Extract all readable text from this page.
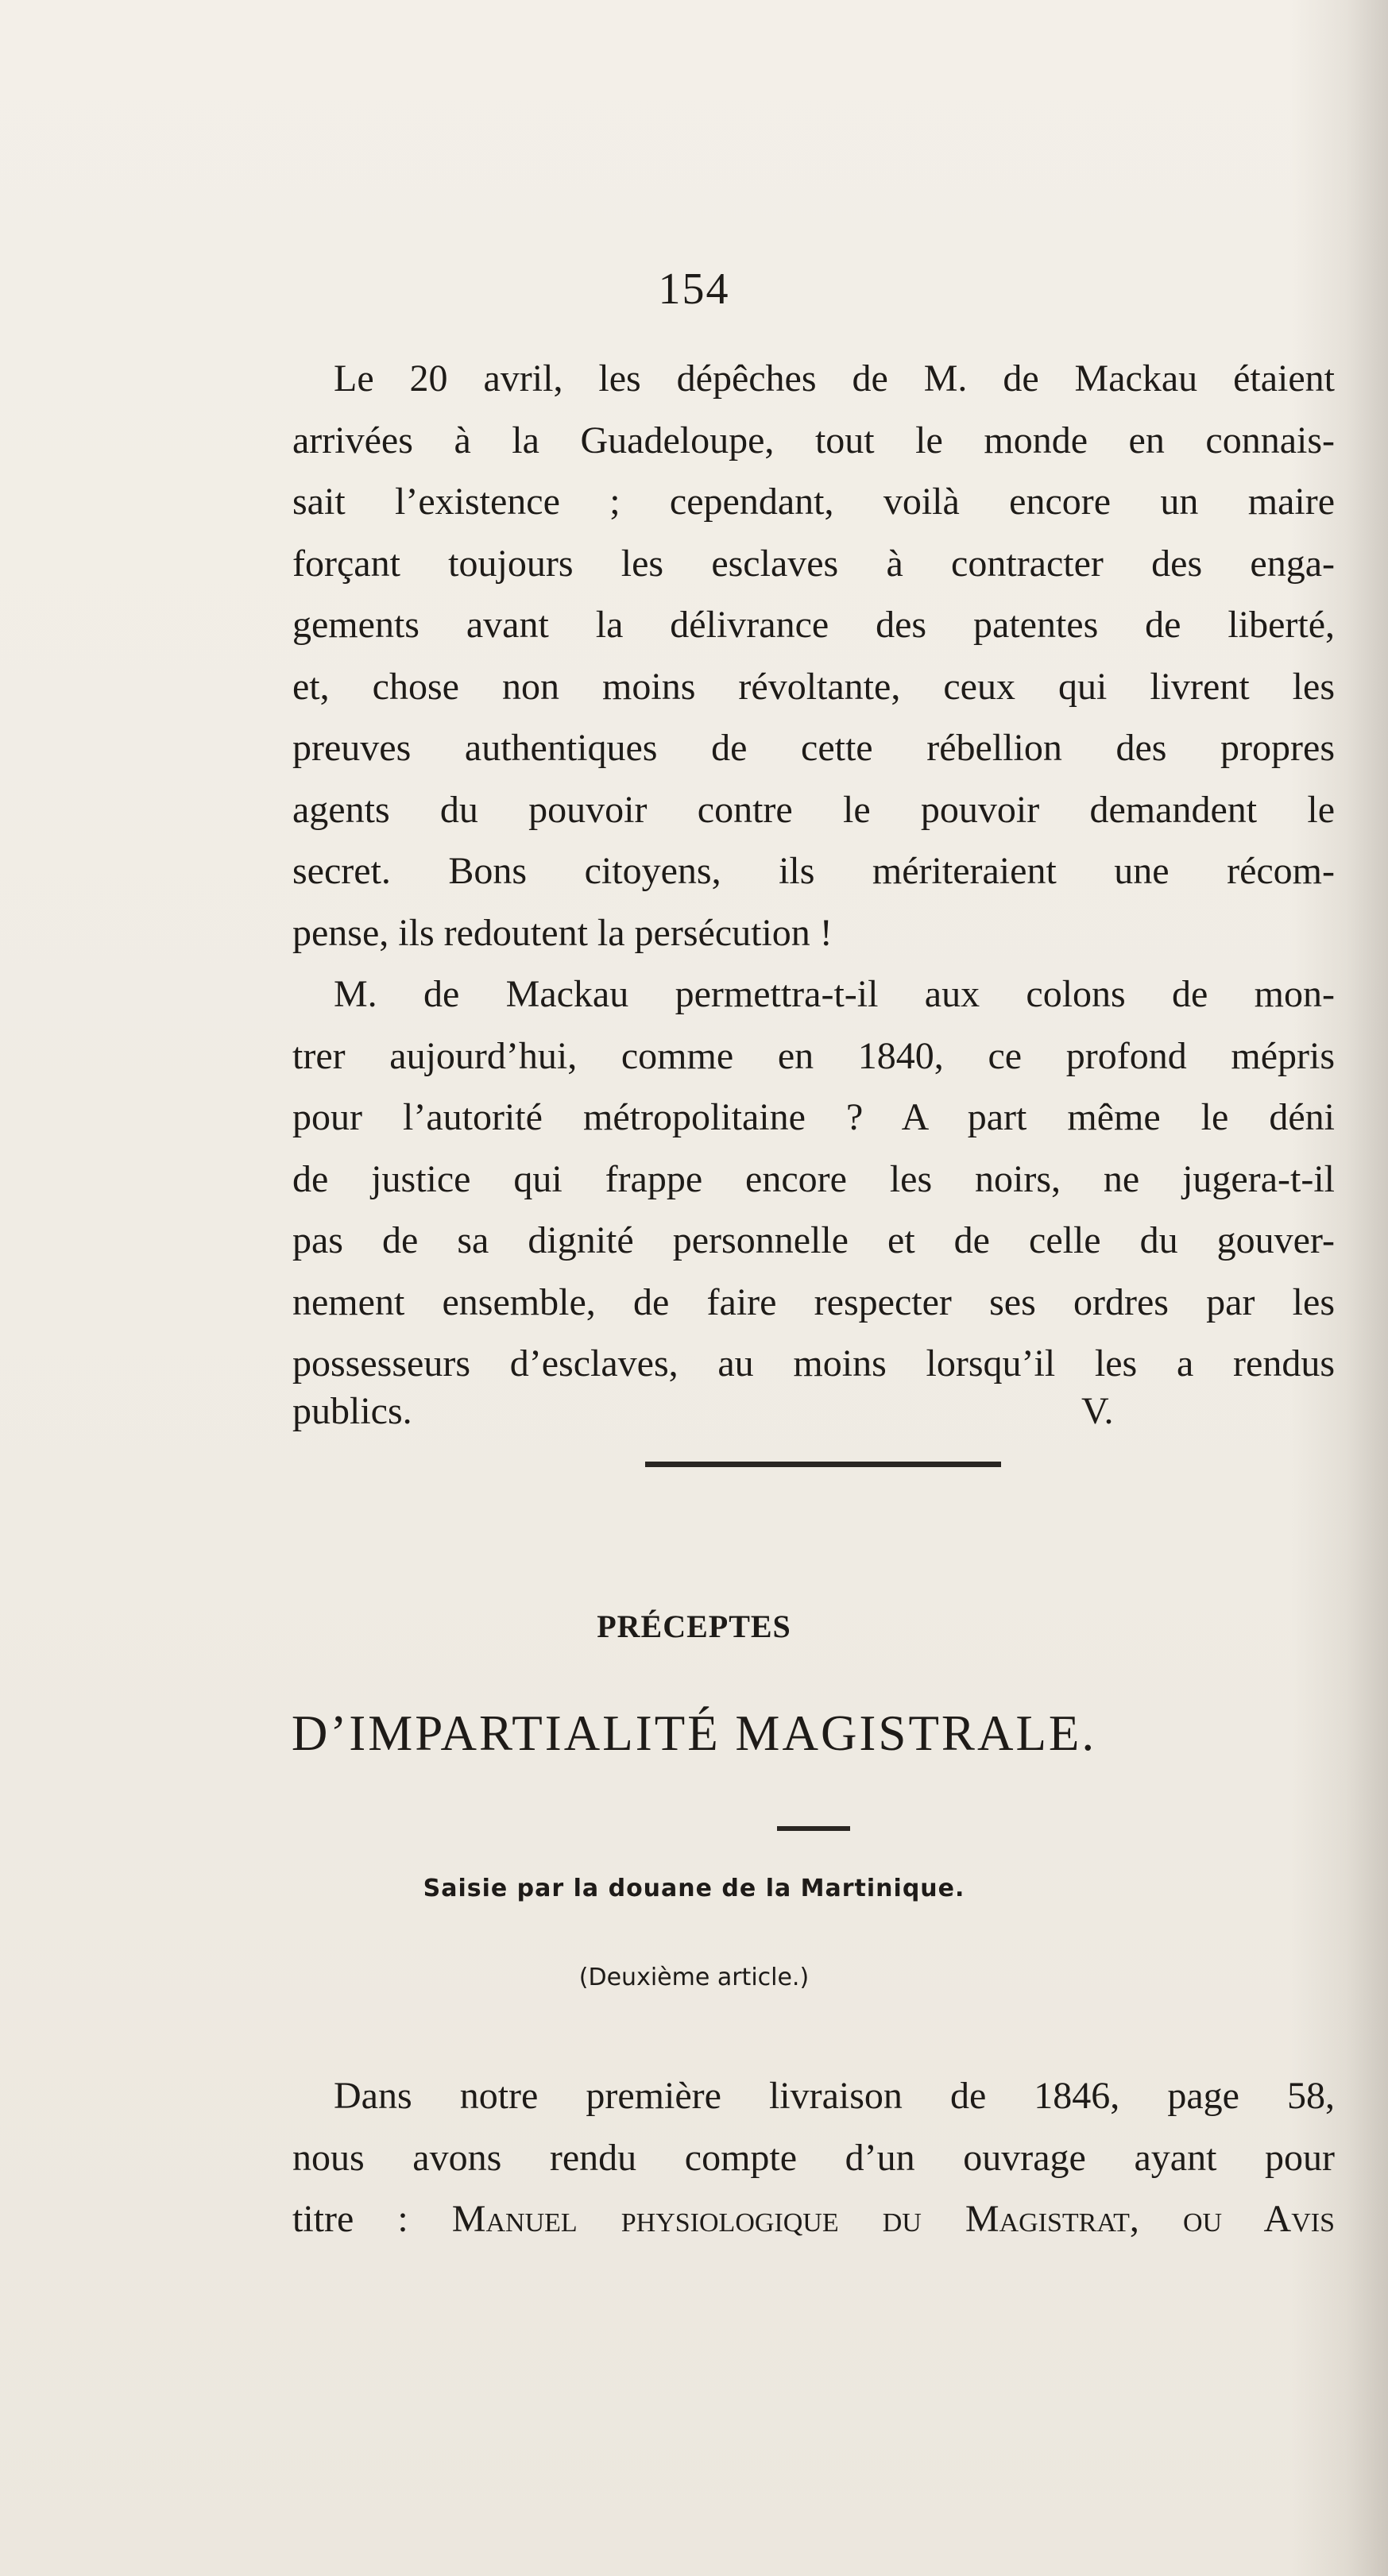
154

Le 20 avril, les dépêches de M. de Mackau étaient
arrivées à la Guadeloupe, tout le monde en connais-
sait l’existence ; cependant, voilà encore un maire
forçant toujours les esclaves à contracter des enga-
gements avant la délivrance des patentes de liberté,
et, chose non moins révoltante, ceux qui livrent les
preuves authentiques de cette rébellion des propres
agents du pouvoir contre le pouvoir demandent le
secret. Bons citoyens, ils mériteraient une récom-
pense, ils redoutent la persécution !

M. de Mackau permettra-t-il aux colons de mon-
trer aujourd’hui, comme en 1840, ce profond mépris
pour l’autorité métropolitaine ? A part même le déni
de justice qui frappe encore les noirs, ne jugera-t-il
pas de sa dignité personnelle et de celle du gouver-
nement ensemble, de faire respecter ses ordres par les
possesseurs d’esclaves, au moins lorsqu’il les a rendus

publics.	V.
PRÉCEPTES
D’IMPARTIALITÉ MAGISTRALE.
Saisie par la douane de la Martinique.
(Deuxième article.)

Dans notre première livraison de 1846, page 58,
nous avons rendu compte d’un ouvrage ayant pour
titre : Manuel physiologique du Magistrat, ou Avis
